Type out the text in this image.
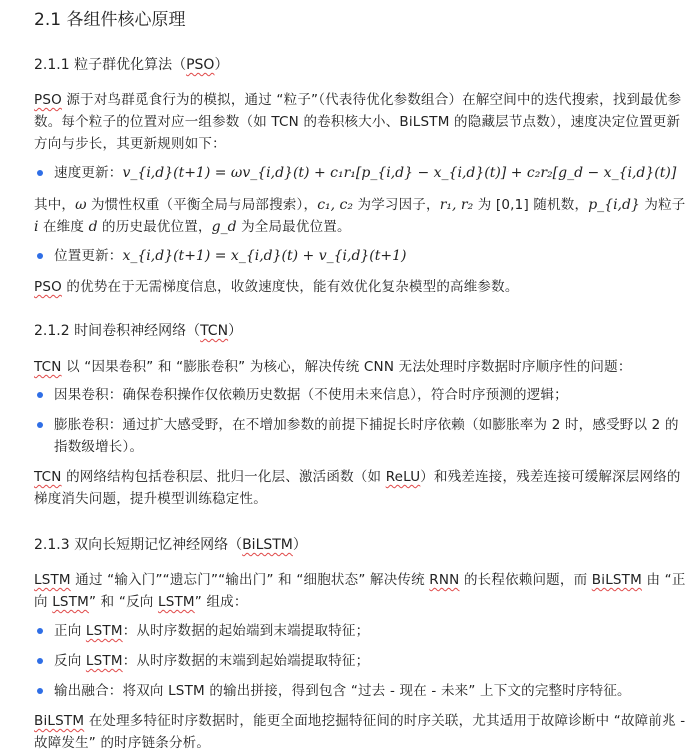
2.1 各组件核心原理
2.1.1 粒子群优化算法（PSO）

PSO 源于对鸟群觅食行为的模拟，通过 “粒子”（代表待优化参数组合）在解空间中的迭代搜索，找到最优参数。每个粒子的位置对应一组参数（如 TCN 的卷积核大小、BiLSTM 的隐藏层节点数），速度决定位置更新方向与步长，其更新规则如下：

速度更新：v_{i,d}(t+1) = ωv_{i,d}(t) + c₁r₁[p_{i,d} − x_{i,d}(t)] + c₂r₂[g_d − x_{i,d}(t)]

其中，ω 为惯性权重（平衡全局与局部搜索），c₁, c₂ 为学习因子，r₁, r₂ 为 [0,1] 随机数，p_{i,d} 为粒子 i 在维度 d 的历史最优位置，g_d 为全局最优位置。

位置更新：x_{i,d}(t+1) = x_{i,d}(t) + v_{i,d}(t+1)

PSO 的优势在于无需梯度信息，收敛速度快，能有效优化复杂模型的高维参数。

2.1.2 时间卷积神经网络（TCN）

TCN 以 “因果卷积” 和 “膨胀卷积” 为核心，解决传统 CNN 无法处理时序数据时序顺序性的问题：

因果卷积：确保卷积操作仅依赖历史数据（不使用未来信息），符合时序预测的逻辑；
膨胀卷积：通过扩大感受野，在不增加参数的前提下捕捉长时序依赖（如膨胀率为 2 时，感受野以 2 的指数级增长）。

TCN 的网络结构包括卷积层、批归一化层、激活函数（如 ReLU）和残差连接，残差连接可缓解深层网络的梯度消失问题，提升模型训练稳定性。

2.1.3 双向长短期记忆神经网络（BiLSTM）

LSTM 通过 “输入门”“遗忘门”“输出门” 和 “细胞状态” 解决传统 RNN 的长程依赖问题，而 BiLSTM 由 “正向 LSTM” 和 “反向 LSTM” 组成：

正向 LSTM：从时序数据的起始端到末端提取特征；
反向 LSTM：从时序数据的末端到起始端提取特征；
输出融合：将双向 LSTM 的输出拼接，得到包含 “过去 - 现在 - 未来” 上下文的完整时序特征。

BiLSTM 在处理多特征时序数据时，能更全面地挖掘特征间的时序关联，尤其适用于故障诊断中 “故障前兆 - 故障发生” 的时序链条分析。
